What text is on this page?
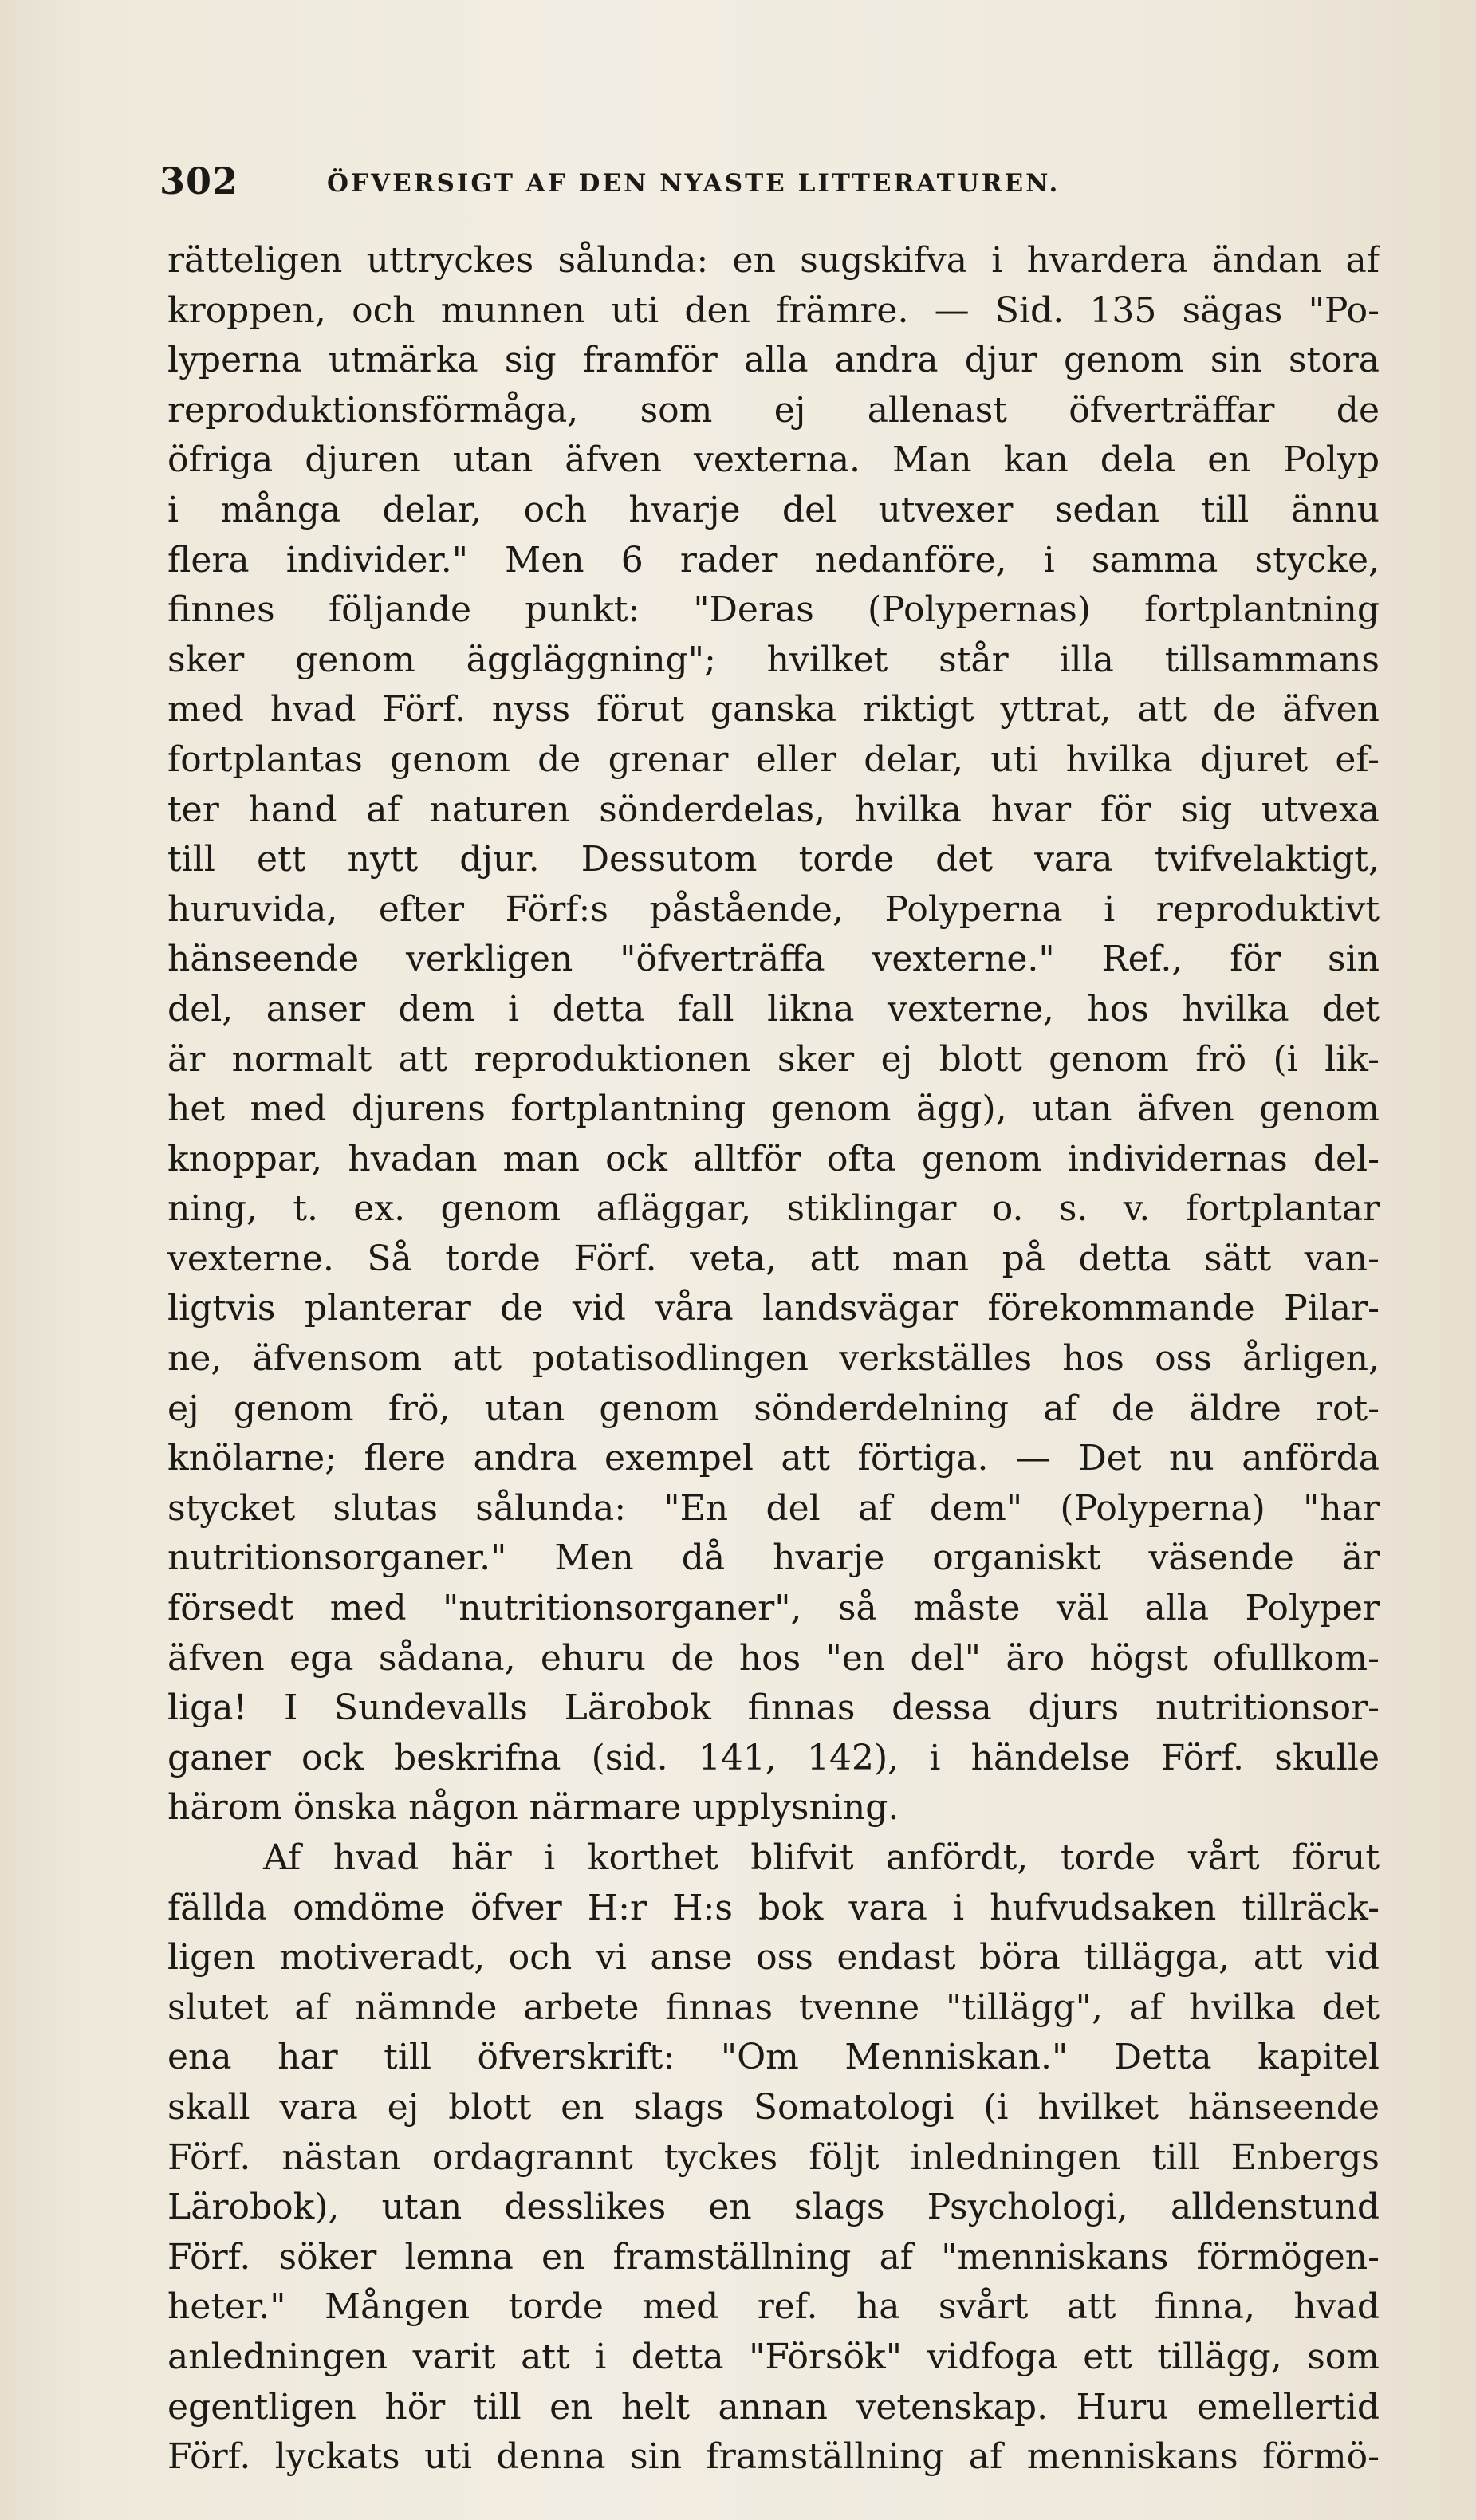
302	ÖFVERSIGT AF DEN NYASTE LITTERATUREN.
rätteligen uttryckes sålunda: en sugskifva i hvardera ändan af
kroppen, och munnen uti den främre. — Sid. 135 sägas "Po-
lyperna utmärka sig framför alla andra djur genom sin stora
reproduktionsförmåga, som ej allenast öfverträffar de
öfriga djuren utan äfven vexterna. Man kan dela en Polyp
i många delar, och hvarje del utvexer sedan till ännu
flera individer." Men 6 rader nedanföre, i samma stycke,
finnes följande punkt: "Deras (Polypernas) fortplantning
sker genom äggläggning"; hvilket står illa tillsammans
med hvad Förf. nyss förut ganska riktigt yttrat, att de äfven
fortplantas genom de grenar eller delar, uti hvilka djuret ef-
ter hand af naturen sönderdelas, hvilka hvar för sig utvexa
till ett nytt djur. Dessutom torde det vara tvifvelaktigt,
huruvida, efter Förf:s påstående, Polyperna i reproduktivt
hänseende verkligen "öfverträffa vexterne." Ref., för sin
del, anser dem i detta fall likna vexterne, hos hvilka det
är normalt att reproduktionen sker ej blott genom frö (i lik-
het med djurens fortplantning genom ägg), utan äfven genom
knoppar, hvadan man ock alltför ofta genom individernas del-
ning, t. ex. genom afläggar, stiklingar o. s. v. fortplantar
vexterne. Så torde Förf. veta, att man på detta sätt van-
ligtvis planterar de vid våra landsvägar förekommande Pilar-
ne, äfvensom att potatisodlingen verkställes hos oss årligen,
ej genom frö, utan genom sönderdelning af de äldre rot-
knölarne; flere andra exempel att förtiga. — Det nu anförda
stycket slutas sålunda: "En del af dem" (Polyperna) "har
nutritionsorganer." Men då hvarje organiskt väsende är
försedt med "nutritionsorganer", så måste väl alla Polyper
äfven ega sådana, ehuru de hos "en del" äro högst ofullkom-
liga! I Sundevalls Lärobok finnas dessa djurs nutritionsor-
ganer ock beskrifna (sid. 141, 142), i händelse Förf. skulle
härom önska någon närmare upplysning.
Af hvad här i korthet blifvit anfördt, torde vårt förut
fällda omdöme öfver H:r H:s bok vara i hufvudsaken tillräck-
ligen motiveradt, och vi anse oss endast böra tillägga, att vid
slutet af nämnde arbete finnas tvenne "tillägg", af hvilka det
ena har till öfverskrift: "Om Menniskan." Detta kapitel
skall vara ej blott en slags Somatologi (i hvilket hänseende
Förf. nästan ordagrannt tyckes följt inledningen till Enbergs
Lärobok), utan desslikes en slags Psychologi, alldenstund
Förf. söker lemna en framställning af "menniskans förmögen-
heter." Mången torde med ref. ha svårt att finna, hvad
anledningen varit att i detta "Försök" vidfoga ett tillägg, som
egentligen hör till en helt annan vetenskap. Huru emellertid
Förf. lyckats uti denna sin framställning af menniskans förmö-
